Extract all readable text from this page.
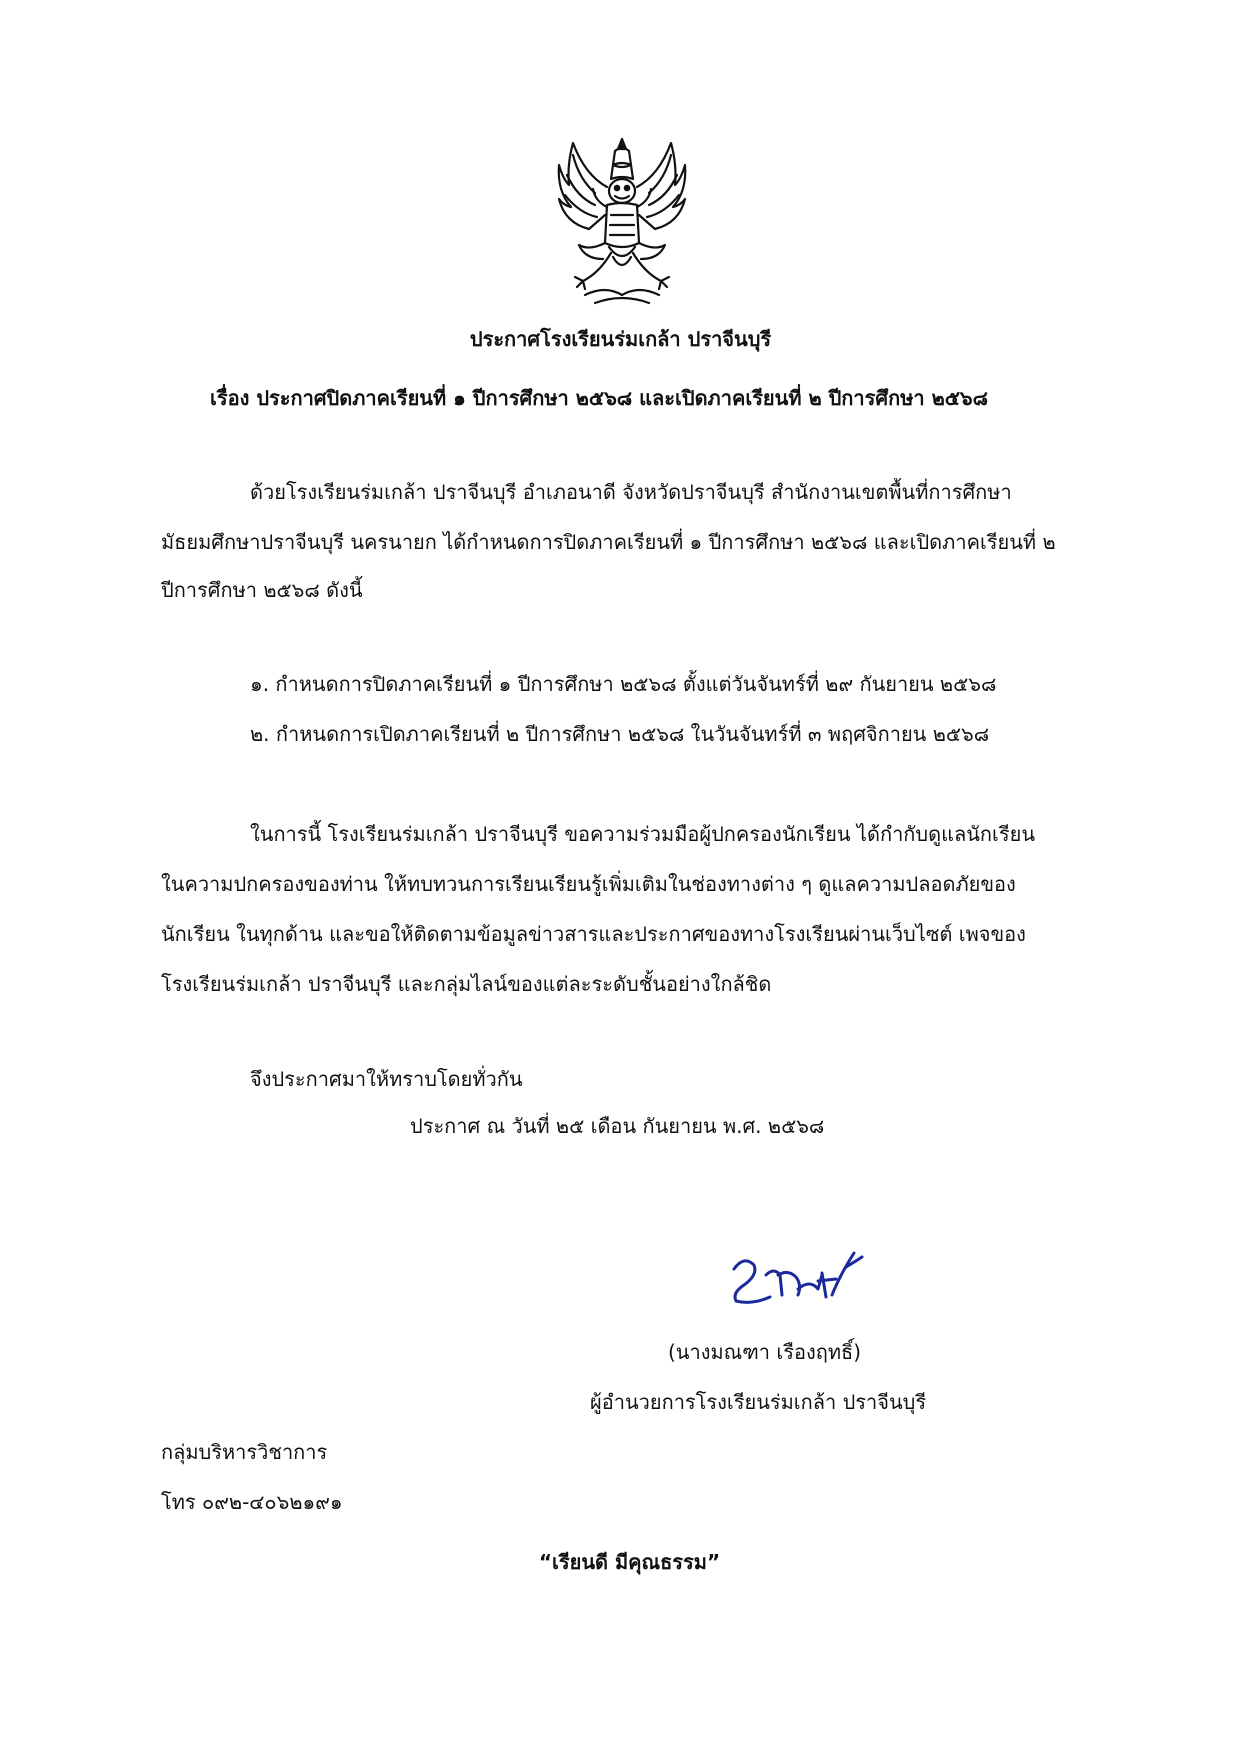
ประกาศโรงเรียนร่มเกล้า ปราจีนบุรี
เรื่อง ประกาศปิดภาคเรียนที่ ๑ ปีการศึกษา ๒๕๖๘ และเปิดภาคเรียนที่ ๒ ปีการศึกษา ๒๕๖๘
ด้วยโรงเรียนร่มเกล้า ปราจีนบุรี อำเภอนาดี จังหวัดปราจีนบุรี สำนักงานเขตพื้นที่การศึกษา
มัธยมศึกษาปราจีนบุรี นครนายก ได้กำหนดการปิดภาคเรียนที่ ๑ ปีการศึกษา ๒๕๖๘ และเปิดภาคเรียนที่ ๒
ปีการศึกษา ๒๕๖๘ ดังนี้
๑. กำหนดการปิดภาคเรียนที่ ๑ ปีการศึกษา ๒๕๖๘ ตั้งแต่วันจันทร์ที่ ๒๙ กันยายน ๒๕๖๘
๒. กำหนดการเปิดภาคเรียนที่ ๒ ปีการศึกษา ๒๕๖๘ ในวันจันทร์ที่ ๓ พฤศจิกายน ๒๕๖๘
ในการนี้ โรงเรียนร่มเกล้า ปราจีนบุรี ขอความร่วมมือผู้ปกครองนักเรียน ได้กำกับดูแลนักเรียน
ในความปกครองของท่าน ให้ทบทวนการเรียนเรียนรู้เพิ่มเติมในช่องทางต่าง ๆ ดูแลความปลอดภัยของ
นักเรียน ในทุกด้าน และขอให้ติดตามข้อมูลข่าวสารและประกาศของทางโรงเรียนผ่านเว็บไซต์ เพจของ
โรงเรียนร่มเกล้า ปราจีนบุรี และกลุ่มไลน์ของแต่ละระดับชั้นอย่างใกล้ชิด
จึงประกาศมาให้ทราบโดยทั่วกัน
ประกาศ ณ วันที่ ๒๕ เดือน กันยายน พ.ศ. ๒๕๖๘
(นางมณฑา เรืองฤทธิ์)
ผู้อำนวยการโรงเรียนร่มเกล้า ปราจีนบุรี
กลุ่มบริหารวิชาการ
โทร ๐๙๒-๔๐๖๒๑๙๑
“เรียนดี มีคุณธรรม”
